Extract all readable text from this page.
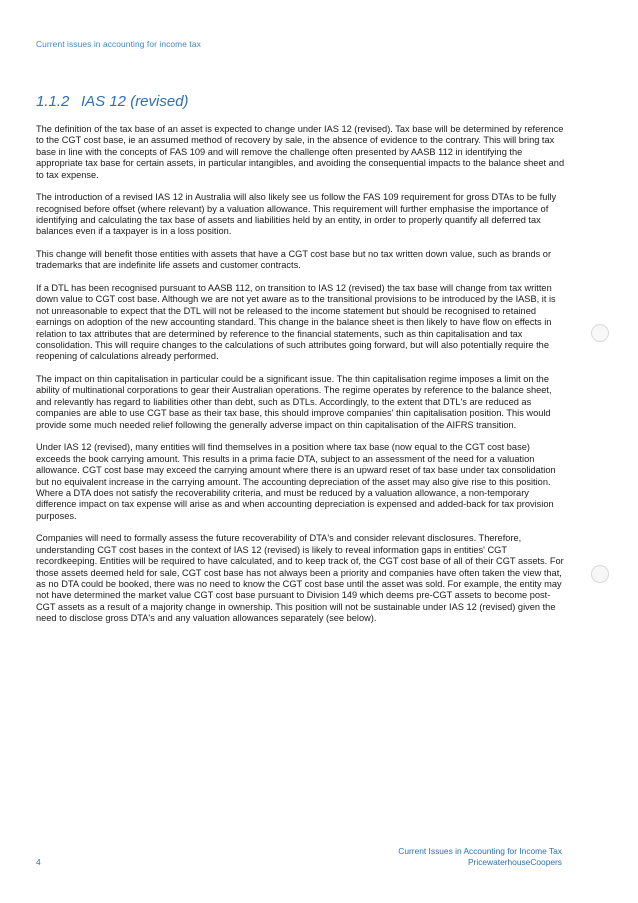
Current issues in accounting for income tax
1.1.2 IAS 12 (revised)

The definition of the tax base of an asset is expected to change under IAS 12 (revised). Tax base will be determined by reference to the CGT cost base, ie an assumed method of recovery by sale, in the absence of evidence to the contrary. This will bring tax base in line with the concepts of FAS 109 and will remove the challenge often presented by AASB 112 in identifying the appropriate tax base for certain assets, in particular intangibles, and avoiding the consequential impacts to the balance sheet and to tax expense.

The introduction of a revised IAS 12 in Australia will also likely see us follow the FAS 109 requirement for gross DTAs to be fully recognised before offset (where relevant) by a valuation allowance. This requirement will further emphasise the importance of identifying and calculating the tax base of assets and liabilities held by an entity, in order to properly quantify all deferred tax balances even if a taxpayer is in a loss position.

This change will benefit those entities with assets that have a CGT cost base but no tax written down value, such as brands or trademarks that are indefinite life assets and customer contracts.

If a DTL has been recognised pursuant to AASB 112, on transition to IAS 12 (revised) the tax base will change from tax written down value to CGT cost base. Although we are not yet aware as to the transitional provisions to be introduced by the IASB, it is not unreasonable to expect that the DTL will not be released to the income statement but should be recognised to retained earnings on adoption of the new accounting standard. This change in the balance sheet is then likely to have flow on effects in relation to tax attributes that are determined by reference to the financial statements, such as thin capitalisation and tax consolidation. This will require changes to the calculations of such attributes going forward, but will also potentially require the reopening of calculations already performed.

The impact on thin capitalisation in particular could be a significant issue. The thin capitalisation regime imposes a limit on the ability of multinational corporations to gear their Australian operations. The regime operates by reference to the balance sheet, and relevantly has regard to liabilities other than debt, such as DTLs. Accordingly, to the extent that DTL's are reduced as companies are able to use CGT base as their tax base, this should improve companies' thin capitalisation position. This would provide some much needed relief following the generally adverse impact on thin capitalisation of the AIFRS transition.

Under IAS 12 (revised), many entities will find themselves in a position where tax base (now equal to the CGT cost base) exceeds the book carrying amount. This results in a prima facie DTA, subject to an assessment of the need for a valuation allowance. CGT cost base may exceed the carrying amount where there is an upward reset of tax base under tax consolidation but no equivalent increase in the carrying amount. The accounting depreciation of the asset may also give rise to this position. Where a DTA does not satisfy the recoverability criteria, and must be reduced by a valuation allowance, a non-temporary difference impact on tax expense will arise as and when accounting depreciation is expensed and added-back for tax provision purposes.

Companies will need to formally assess the future recoverability of DTA's and consider relevant disclosures. Therefore, understanding CGT cost bases in the context of IAS 12 (revised) is likely to reveal information gaps in entities' CGT recordkeeping. Entities will be required to have calculated, and to keep track of, the CGT cost base of all of their CGT assets. For those assets deemed held for sale, CGT cost base has not always been a priority and companies have often taken the view that, as no DTA could be booked, there was no need to know the CGT cost base until the asset was sold. For example, the entity may not have determined the market value CGT cost base pursuant to Division 149 which deems pre-CGT assets to become post-CGT assets as a result of a majority change in ownership. This position will not be sustainable under IAS 12 (revised) given the need to disclose gross DTA's and any valuation allowances separately (see below).

Current Issues in Accounting for Income Tax
PricewaterhouseCoopers
4
